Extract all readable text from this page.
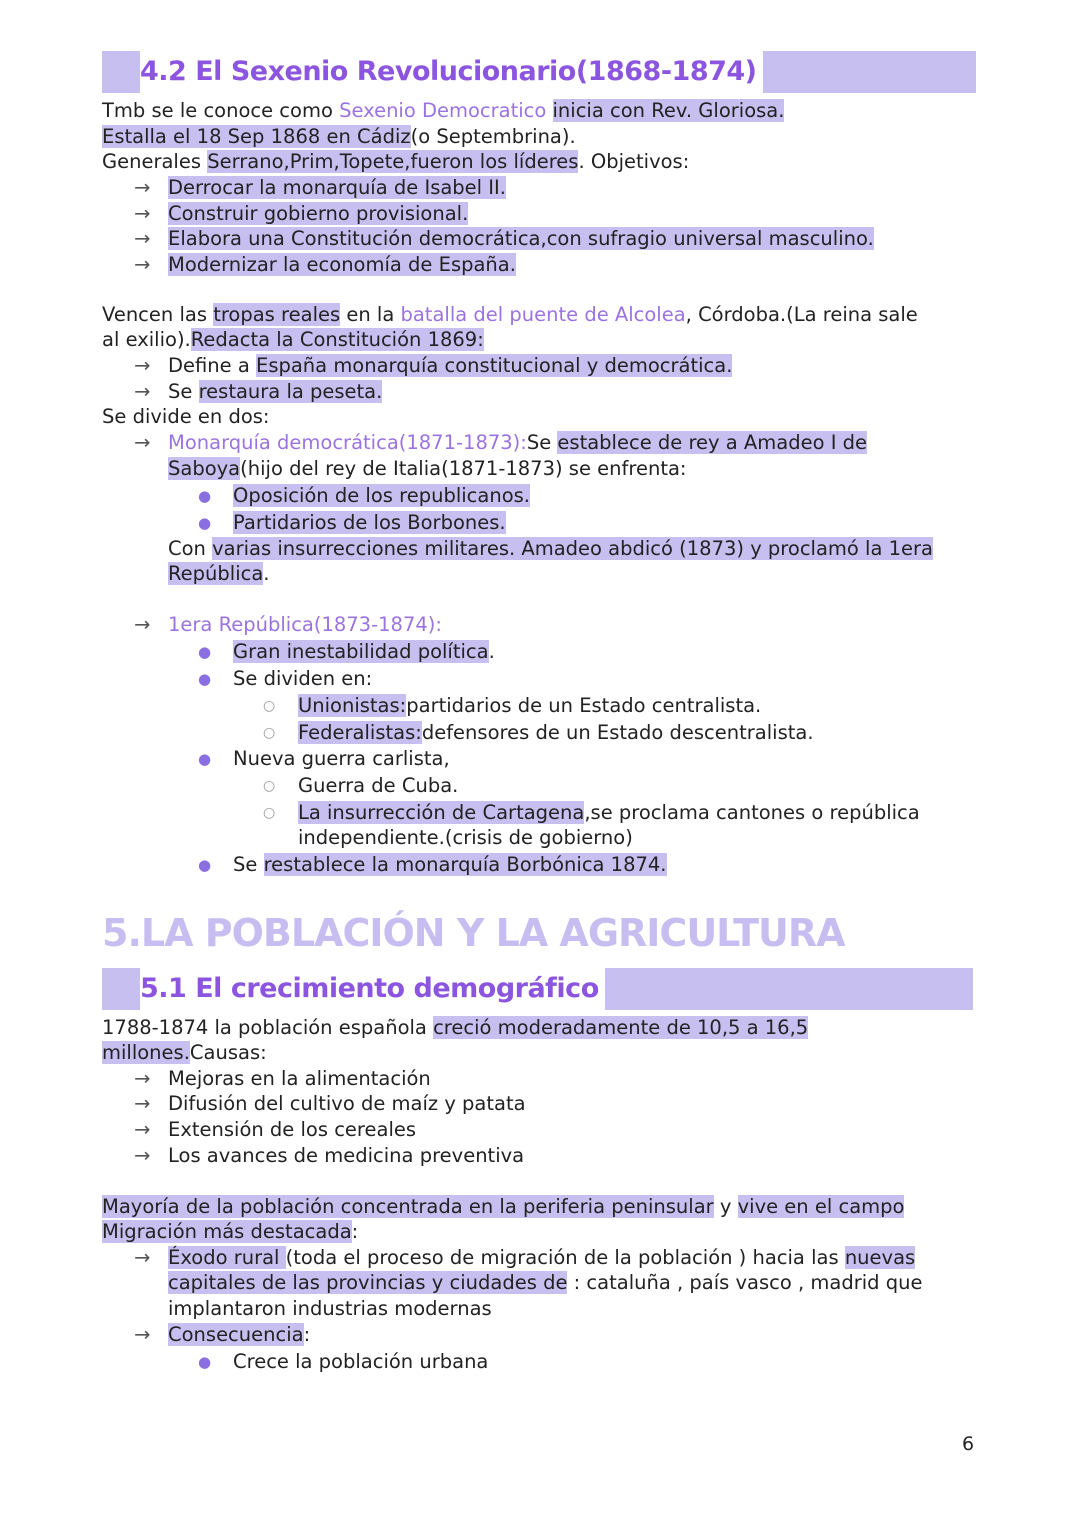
4.2 El Sexenio Revolucionario(1868-1874)
Tmb se le conoce como Sexenio Democratico inicia con Rev. Gloriosa.
Estalla el 18 Sep 1868 en Cádiz(o Septembrina).
Generales Serrano,Prim,Topete,fueron los líderes. Objetivos:
→ Derrocar la monarquía de Isabel II.
→ Construir gobierno provisional.
→ Elabora una Constitución democrática,con sufragio universal masculino.
→ Modernizar la economía de España.
Vencen las tropas reales en la batalla del puente de Alcolea, Córdoba.(La reina sale
al exilio).Redacta la Constitución 1869:
→ Define a España monarquía constitucional y democrática.
→ Se restaura la peseta.
Se divide en dos:
→ Monarquía democrática(1871-1873):Se establece de rey a Amadeo I de
Saboya(hijo del rey de Italia(1871-1873) se enfrenta:
●	Oposición de los republicanos.
●	Partidarios de los Borbones.
Con varias insurrecciones militares. Amadeo abdicó (1873) y proclamó la 1era
República.
→ 1era República(1873-1874):
●	Gran inestabilidad política.
●	Se dividen en:
○	Unionistas:partidarios de un Estado centralista.
○	Federalistas:defensores de un Estado descentralista.
●	Nueva guerra carlista,
○	Guerra de Cuba.
○	La insurrección de Cartagena,se proclama cantones o república
independiente.(crisis de gobierno)
●	Se restablece la monarquía Borbónica 1874.
5.LA POBLACIÓN Y LA AGRICULTURA
5.1 El crecimiento demográfico
1788-1874 la población española creció moderadamente de 10,5 a 16,5
millones.Causas:
→ Mejoras en la alimentación
→ Difusión del cultivo de maíz y patata
→ Extensión de los cereales
→ Los avances de medicina preventiva
Mayoría de la población concentrada en la periferia peninsular y vive en el campo
Migración más destacada:
→ Éxodo rural (toda el proceso de migración de la población ) hacia las nuevas
capitales de las provincias y ciudades de : cataluña , país vasco , madrid que
implantaron industrias modernas
→ Consecuencia:
●	Crece la población urbana
6
